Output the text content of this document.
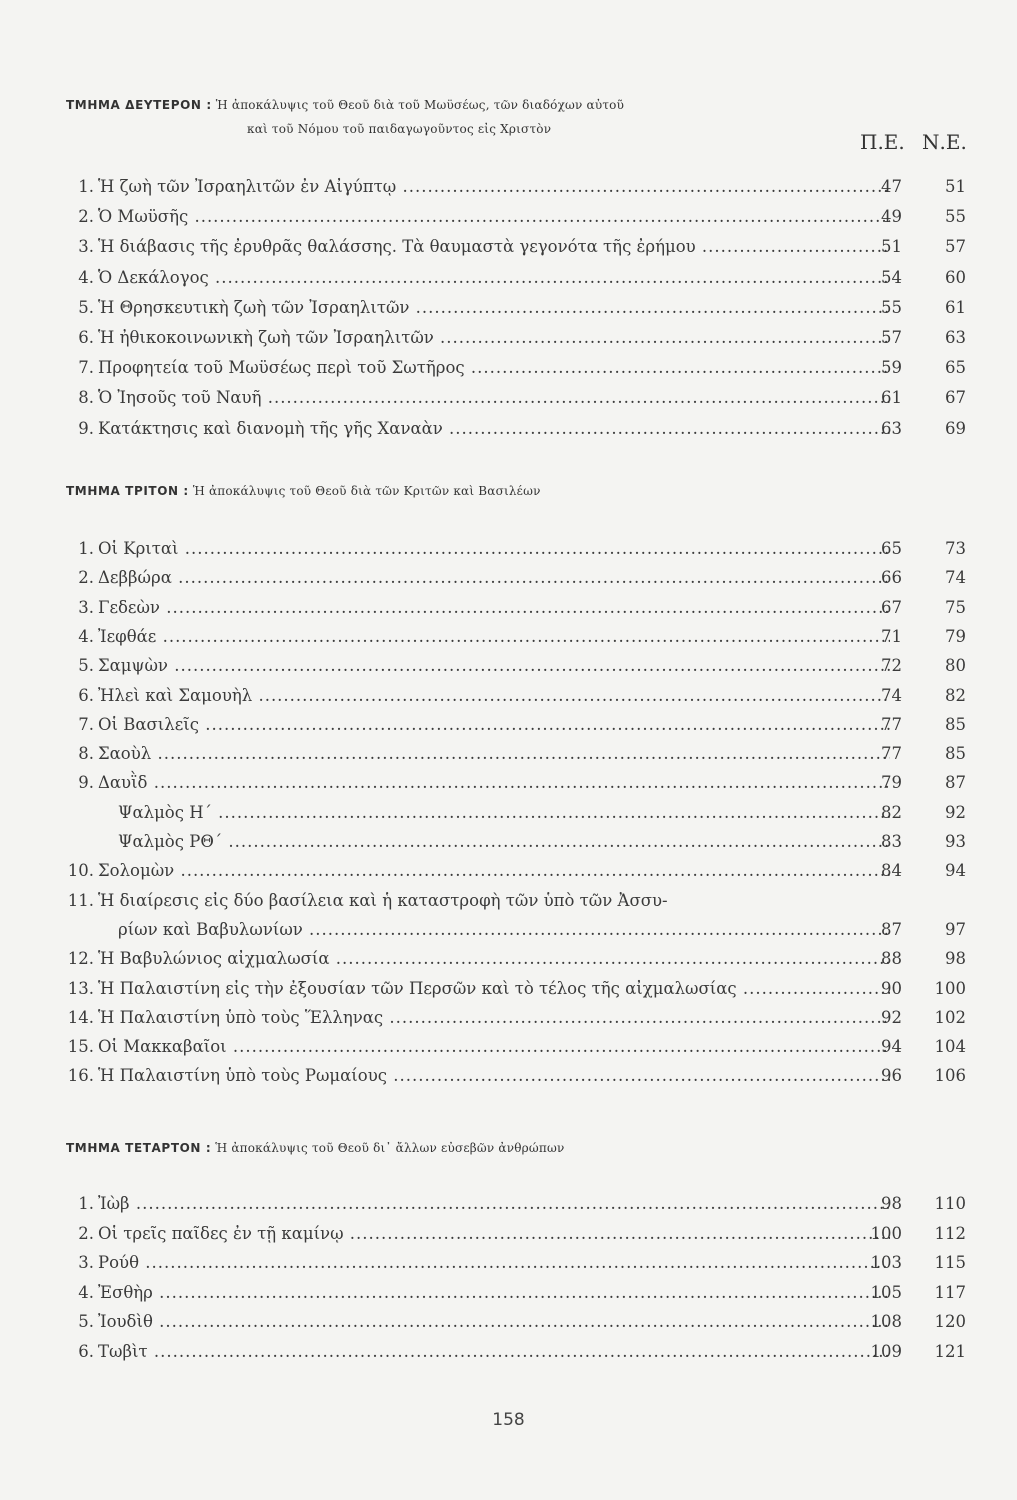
ΤΜΗΜΑ ΔΕΥΤΕΡΟΝ : Ἡ ἀποκάλυψις τοῦ Θεοῦ διὰ τοῦ Μωϋσέως, τῶν διαδόχων αὐτοῦ
καὶ τοῦ Νόμου τοῦ παιδαγωγοῦντος εἰς Χριστὸν
Π.Ε. Ν.Ε.
1. Ἡ ζωὴ τῶν Ἰσραηλιτῶν ἐν Αἰγύπτῳ .....	47	51
2. Ὁ Μωϋσῆς .....	49	55
3. Ἡ διάβασις τῆς ἐρυθρᾶς θαλάσσης. Τὰ θαυμαστὰ γεγονότα τῆς ἐρήμου .....	51	57
4. Ὁ Δεκάλογος .....	54	60
5. Ἡ Θρησκευτικὴ ζωὴ τῶν Ἰσραηλιτῶν .....	55	61
6. Ἡ ἠθικοκοινωνικὴ ζωὴ τῶν Ἰσραηλιτῶν .....	57	63
7. Προφητεία τοῦ Μωϋσέως περὶ τοῦ Σωτῆρος .....	59	65
8. Ὁ Ἰησοῦς τοῦ Ναυῆ .....	61	67
9. Κατάκτησις καὶ διανομὴ τῆς γῆς Χαναὰν .....	63	69
ΤΜΗΜΑ ΤΡΙΤΟΝ : Ἡ ἀποκάλυψις τοῦ Θεοῦ διὰ τῶν Κριτῶν καὶ Βασιλέων
1. Οἱ Κριταὶ .....	65	73
2. Δεββώρα .....	66	74
3. Γεδεὼν .....	67	75
4. Ἰεφθάε .....	71	79
5. Σαμψὼν .....	72	80
6. Ἠλεὶ καὶ Σαμουὴλ .....	74	82
7. Οἱ Βασιλεῖς .....	77	85
8. Σαοὺλ .....	77	85
9. Δαυῒδ .....	79	87
Ψαλμὸς Η΄ .....	82	92
Ψαλμὸς ΡΘ΄ .....	83	93
10. Σολομὼν .....	84	94
11. Ἡ διαίρεσις εἰς δύο βασίλεια καὶ ἡ καταστροφὴ τῶν ὑπὸ τῶν Ἀσσυ-
ρίων καὶ Βαβυλωνίων .....	87	97
12. Ἡ Βαβυλώνιος αἰχμαλωσία .....	88	98
13. Ἡ Παλαιστίνη εἰς τὴν ἐξουσίαν τῶν Περσῶν καὶ τὸ τέλος τῆς αἰχμαλωσίας .....	90	100
14. Ἡ Παλαιστίνη ὑπὸ τοὺς Ἕλληνας .....	92	102
15. Οἱ Μακκαβαῖοι .....	94	104
16. Ἡ Παλαιστίνη ὑπὸ τοὺς Ρωμαίους .....	96	106
ΤΜΗΜΑ ΤΕΤΑΡΤΟΝ : Ἡ ἀποκάλυψις τοῦ Θεοῦ δι᾿ ἄλλων εὐσεβῶν ἀνθρώπων
1. Ἰὼβ .....	98	110
2. Οἱ τρεῖς παῖδες ἐν τῇ καμίνῳ .....	100	112
3. Ρούθ .....	103	115
4. Ἐσθὴρ .....	105	117
5. Ἰουδὶθ .....	108	120
6. Τωβὶτ .....	109	121
158
